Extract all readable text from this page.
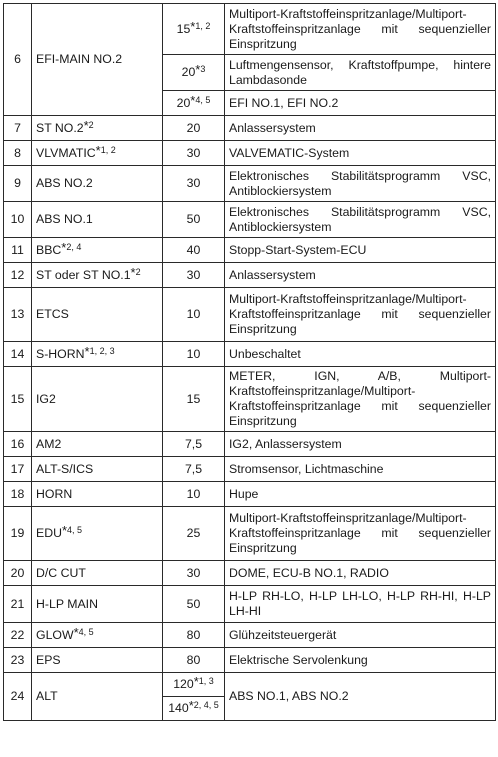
6	EFI-MAIN NO.2	15*$^{1, 2}$	Multiport-Kraftstoffeinspritzanlage/Multiport-Kraftstoffeinspritzanlage mit sequenzieller Einspritzung
		20*$^3$	Luftmengensensor, Kraftstoffpumpe, hintere Lambdasonde
		20*$^{4, 5}$	EFI NO.1, EFI NO.2
7	ST NO.2*$^2$	20	Anlassersystem
8	VLVMATIC*$^{1, 2}$	30	VALVEMATIC-System
9	ABS NO.2	30	Elektronisches Stabilitätsprogramm VSC, Antiblockiersystem
10	ABS NO.1	50	Elektronisches Stabilitätsprogramm VSC, Antiblockiersystem
11	BBC*$^{2, 4}$	40	Stopp-Start-System-ECU
12	ST oder ST NO.1*$^2$	30	Anlassersystem
13	ETCS	10	Multiport-Kraftstoffeinspritzanlage/Multiport-Kraftstoffeinspritzanlage mit sequenzieller Einspritzung
14	S-HORN*$^{1, 2, 3}$	10	Unbeschaltet
15	IG2	15	METER, IGN, A/B, Multiport-Kraftstoffeinspritzanlage/Multiport-Kraftstoffeinspritzanlage mit sequenzieller Einspritzung
16	AM2	7,5	IG2, Anlassersystem
17	ALT-S/ICS	7,5	Stromsensor, Lichtmaschine
18	HORN	10	Hupe
19	EDU*$^{4, 5}$	25	Multiport-Kraftstoffeinspritzanlage/Multiport-Kraftstoffeinspritzanlage mit sequenzieller Einspritzung
20	D/C CUT	30	DOME, ECU-B NO.1, RADIO
21	H-LP MAIN	50	H-LP RH-LO, H-LP LH-LO, H-LP RH-HI, H-LP LH-HI
22	GLOW*$^{4, 5}$	80	Glühzeitsteuergerät
23	EPS	80	Elektrische Servolenkung
24	ALT	120*$^{1, 3}$	ABS NO.1, ABS NO.2
		140*$^{2, 4, 5}$
